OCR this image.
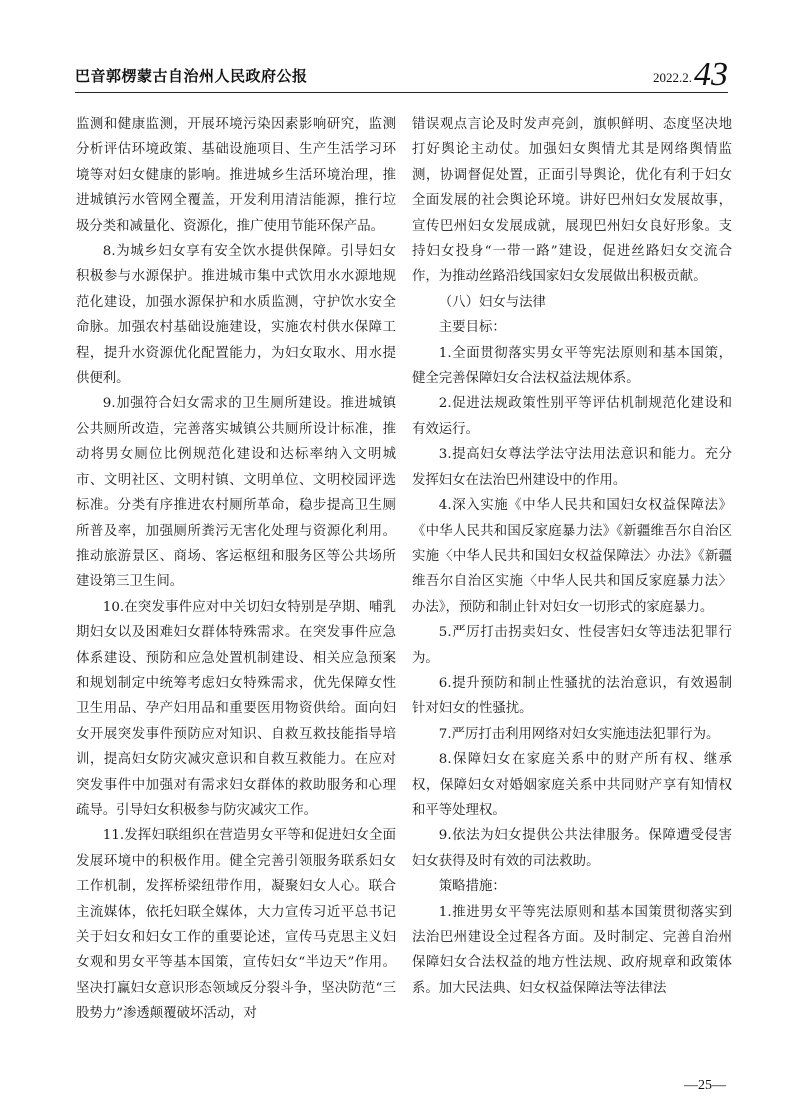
巴音郭楞蒙古自治州人民政府公报	2022.2. 43

监测和健康监测，开展环境污染因素影响研究，监测分析评估环境政策、基础设施项目、生产生活学习环境等对妇女健康的影响。推进城乡生活环境治理，推进城镇污水管网全覆盖，开发利用清洁能源，推行垃圾分类和减量化、资源化，推广使用节能环保产品。

8.为城乡妇女享有安全饮水提供保障。引导妇女积极参与水源保护。推进城市集中式饮用水水源地规范化建设，加强水源保护和水质监测，守护饮水安全命脉。加强农村基础设施建设，实施农村供水保障工程，提升水资源优化配置能力，为妇女取水、用水提供便利。

9.加强符合妇女需求的卫生厕所建设。推进城镇公共厕所改造，完善落实城镇公共厕所设计标准，推动将男女厕位比例规范化建设和达标率纳入文明城市、文明社区、文明村镇、文明单位、文明校园评选标准。分类有序推进农村厕所革命，稳步提高卫生厕所普及率，加强厕所粪污无害化处理与资源化利用。推动旅游景区、商场、客运枢纽和服务区等公共场所建设第三卫生间。

10.在突发事件应对中关切妇女特别是孕期、哺乳期妇女以及困难妇女群体特殊需求。在突发事件应急体系建设、预防和应急处置机制建设、相关应急预案和规划制定中统筹考虑妇女特殊需求，优先保障女性卫生用品、孕产妇用品和重要医用物资供给。面向妇女开展突发事件预防应对知识、自救互救技能指导培训，提高妇女防灾减灾意识和自救互救能力。在应对突发事件中加强对有需求妇女群体的救助服务和心理疏导。引导妇女积极参与防灾减灾工作。

11.发挥妇联组织在营造男女平等和促进妇女全面发展环境中的积极作用。健全完善引领服务联系妇女工作机制，发挥桥梁纽带作用，凝聚妇女人心。联合主流媒体，依托妇联全媒体，大力宣传习近平总书记关于妇女和妇女工作的重要论述，宣传马克思主义妇女观和男女平等基本国策，宣传妇女“半边天”作用。坚决打赢妇女意识形态领域反分裂斗争，坚决防范“三股势力”渗透颠覆破坏活动，对

错误观点言论及时发声亮剑，旗帜鲜明、态度坚决地打好舆论主动仗。加强妇女舆情尤其是网络舆情监测，协调督促处置，正面引导舆论，优化有利于妇女全面发展的社会舆论环境。讲好巴州妇女发展故事，宣传巴州妇女发展成就，展现巴州妇女良好形象。支持妇女投身“一带一路”建设，促进丝路妇女交流合作，为推动丝路沿线国家妇女发展做出积极贡献。

（八）妇女与法律

主要目标：

1.全面贯彻落实男女平等宪法原则和基本国策，健全完善保障妇女合法权益法规体系。

2.促进法规政策性别平等评估机制规范化建设和有效运行。

3.提高妇女尊法学法守法用法意识和能力。充分发挥妇女在法治巴州建设中的作用。

4.深入实施《中华人民共和国妇女权益保障法》《中华人民共和国反家庭暴力法》《新疆维吾尔自治区实施〈中华人民共和国妇女权益保障法〉办法》《新疆维吾尔自治区实施〈中华人民共和国反家庭暴力法〉办法》，预防和制止针对妇女一切形式的家庭暴力。

5.严厉打击拐卖妇女、性侵害妇女等违法犯罪行为。

6.提升预防和制止性骚扰的法治意识，有效遏制针对妇女的性骚扰。

7.严厉打击利用网络对妇女实施违法犯罪行为。

8.保障妇女在家庭关系中的财产所有权、继承权，保障妇女对婚姻家庭关系中共同财产享有知情权和平等处理权。

9.依法为妇女提供公共法律服务。保障遭受侵害妇女获得及时有效的司法救助。

策略措施：

1.推进男女平等宪法原则和基本国策贯彻落实到法治巴州建设全过程各方面。及时制定、完善自治州保障妇女合法权益的地方性法规、政府规章和政策体系。加大民法典、妇女权益保障法等法律法

—25—
